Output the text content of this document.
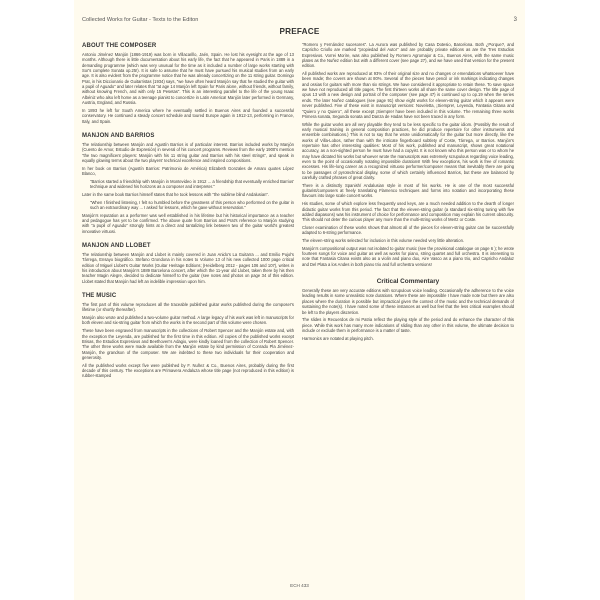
Collected Works for Guitar - Texts to the Editon	3
PREFACE
ABOUT THE COMPOSER

Antonio Jiménez Manjón (1866-1919) was born in Villacarillo, Jaén, Spain. He lost his eyesight at the age of 13 months. Although there is little documentation about his early life, the fact that he appeared in Paris in 1889 in a demanding programme (which was very unusual for the time as it included a number of large works starting with Sor's complete Sonata op.25!). It is safe to assume that he must have pursued his musical studies from an early age. It is also evident from the programme notice that he was already concertizing on the 11 string guitar. Domingo Prat, in his Diccionario de Guitarristas (1934) says, "we have often heard Manjón say that he studied the guitar with a pupil of Aguado" and later relates that "at age 14 Manjón left Spain for Paris alone, without friends, without family, without knowing French, and with only 15 Pesetas". This is an interesting parallel to the life of the young Isaac Albéniz who also left home as a teenage pianist to concertize in Latin America! Manjón later performed in Germany, Austria, England, and Russia.

In 1893 he left for South America where he eventually settled in Buenos Aires and founded a successful conservatory. He continued a steady concert schedule and toured Europe again in 1912-13, performing in France, Italy, and Spain.

MANJON AND BARRIOS

The relationship between Manjón and Agustín Barrios is of particular interest. Barrios included works by Manjón (Cuento de Amor, Estudio de Expresión) in several of his concert programs. Reviews from the early 1900's mention "the two magnificent players: Manjón with his 11 string guitar and Barrios with his steel strings", and speak in equally glowing terms about the two players' technical excellence and inspired compositions.

In her book on Barrios (Agustín Barrios: Patrimonio de América) Elizabeth Gonzales de Amaro quotes López Blanco,

"Barrios started a friendship with Manjón in Montevideo in 1912 ... a friendship that eventually enriched Barrios' technique and widened his horizons as a composer and interpreter."

Later in the same book Barrios himself states that he took lessons with "the sublime blind Andalusian".

"When I finished listening, I felt so humbled before the greatness of this person who performed on the guitar in such an extraordinary way ... I asked for lessons, which he gave without reservation."

Manjón's reputation as a performer was well established in his lifetime but his historical importance as a teacher and pedagogue has yet to be confirmed. The above quote from Barrios and Prat's reference to Manjón studying with "a pupil of Aguado" strongly hints at a direct and tantalizing link between two of the guitar world's greatest innovative virtuosi.

MANJON AND LLOBET

The relationship between Manjón and Llobet is mainly covered in Juan Anido's La Guitarra ... and Emilio Pujol's Tárrega, Ensayo biográfico. Stefano Grondona in his notes to Volume 13 of his new collected 1000 page critical edition of Miguel Llobet's Guitar Works (Guitar Heritage Editions; (Heidelberg 2012 - pages 106 and 107), writes in his introduction about Manjón's 1889 Barcelona concert, after which the 11-year old Llobet, taken there by his then teacher Magin Alegre, decided to dedicate himself to the guitar (see notes and photos on page 34 of this edition. Llobet stated that Manjón had left an indelible impression upon him.

THE MUSIC

The first part of this volume reproduces all the traceable published guitar works published during the composer's lifetime (or shortly thereafter).

Manjón also wrote and published a two-volume guitar method. A large legacy of his work was left in manuscripts for both eleven and six-string guitar from which the works in the second part of this volume were chosen.

These have been engraved from manuscripts in the collections of Robert Spencer and the Manjón estate and, with the exception the Leyenda, are published for the first time in this edition. All copies of the published works except Brisas, the Estudios Expresivos and Beethoven's Adagio, were kindly loaned from the collection of Robert Spencer. The other three works were made available from the Manjón estate by kind permission of Conrado Pla Jiménez-Manjón, the grandson of the composer. We are indebted to these two individuals for their cooperation and generosity.

All the published works except five were published by F. Nuñez & Co., Buenos Aires, probably during the first decade of this century. The exceptions are Primavera Andaluza whose title page (not reproduced in this edition) is rubber-stamped

"Romero y Fernández sucesores". La Aurora was published by Casa Dotesio, Barcelona. Both ¿Porque?, and Capricho Criollo are marked "propiedad del Autor" and are probably private editions as are the Tres Estudios Expresivos. Vorrei Morire, was also published by Romero Agromajor & Co., Buenos Aires, with the same music plates as the Nuñez edition but with a different cover (see page 27), and we have used that version for the present edition.

All published works are reproduced at 93% of their original size and no changes or emendations whatsoever have been made; the covers are shown at 80%. Several of the pieces have pencil or ink markings indicating changes and ossias for guitars with more than six strings. We have considered it appropriate to retain these. To save space we have not reproduced all title pages. The first thirteen works all share the same cover design. The title page of opus 13 with a new design and portrait of the composer (see page 47) is continued up to op.19 when the series ends. The later Nuñez catalogues (see page 91) show eight works for eleven-string guitar which it appears were never published. Five of these exist in manuscript versions: Noveletta, ¡Siempre!, Leyenda, Fantasia Gitana and "Quiero y no Quiero", all these except ¡Siempre! have been included in this volume. The remaining three works Primera sonata, Segunda sonata and Danza de Hadas have not been traced in any form.

While the guitar works are all very playable they tend to be less specific to the guitar idiom. (Possibly the result of early musical training in general composition practices, he did produce repertoire for other instruments and ensemble combinations.) This is not to say that he wrote unidiomatically for the guitar but more directly, like the works of Villa-Lobos, rather than with the intricate fingerboard subtlety of Coste, Tárrega, or Barrios. Manjón's repertoire has other interesting qualities: Most of his work, published and manuscript, shows great notational accuracy, as a non-sighted person he must have had a copyist. It is not known who this person was or to whom he may have dictated his works but whoever wrote the manuscripts was extremely scrupulous regarding voice leading, even to the point of occasionally notating impossible durations! With few exceptions, his work is free of romantic excesses. His life-long career as a recognized virtuoso performer/composer means that inevitably there are going to be passages of pyrotechnical display, some of which certainly influenced Barrios, but these are balanced by carefully crafted phrases of great clarity.

There is a distinctly Spanish/ Andalusian style in most of his works. He is one of the most successful guitarist/composers at freely translating Flamenco techniques and forms into notation and incorporating these flavours into large scale concert works.

His studies, some of which explore less frequently used keys, are a much needed addition to the dearth of longer didactic guitar works from this period. The fact that the eleven-string guitar (a standard six-string tuning with five added diapasons) was his instrument of choice for performance and composition may explain his current obscurity. This should not deter the curious player any more than the multi-string works of Mertz or Coste.

Closer examination of these works shows that almost all of the pieces for eleven-string guitar can be successfully adapted to 6-string performance.

The eleven-string works selected for inclusion in this volume needed very little alteration.

Manjón's compositional output was not isolated to guitar music (see the provisional catalogue on page 6 ); he wrote fourteen songs for voice and guitar as well as works for piano, string quartet and full orchestra. It is interesting to note that Fantasia Citana exists also as a violin and piano duo, Aire Vasco as a piano trio, and Capricho Andaluz and Del Plata a los Andes in both piano trio and full orchestra versions!

Critical Commentary

Generally these are very accurate editions with scrupulous voice leading. Occasionally the adherence to the voice leading results in some unrealistic note durations. Where these are impossible I have made note but there are also places where the duration is possible but impractical given the context of the music and the technical demands of sustaining the note(s). I have noted some of these instances as well but feel that the less critical examples should be left to the players discretion.

The slides in Recuerdos de mi Patria reflect the playing style of the period and do enhance the character of this piece. While this work has many more indications of sliding than any other in this volume, the ultimate decision to include or exclude them in performance is a matter of taste.

Harmonics are notated at playing pitch.

ECH 433
